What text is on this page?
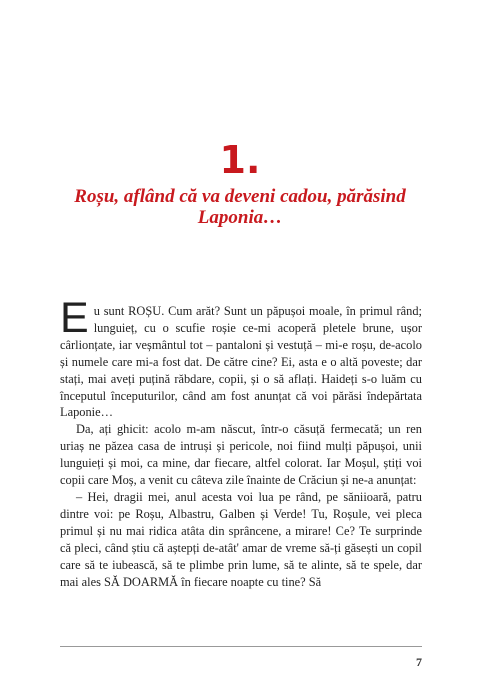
1.
Roșu, aflând că va deveni cadou, părăsind Laponia…

Eu sunt ROȘU. Cum arăt? Sunt un păpușoi moale, în primul rând; lunguieț, cu o scufie roșie ce-mi acoperă pletele brune, ușor cârlionțate, iar veșmântul tot – pantaloni și vestuță – mi-e roșu, de-acolo și numele care mi-a fost dat. De către cine? Ei, asta e o altă poveste; dar stați, mai aveți puțină răbdare, copii, și o să aflați. Haideți s-o luăm cu începutul începuturilor, când am fost anunțat că voi părăsi îndepărtata Laponie…

Da, ați ghicit: acolo m-am născut, într-o căsuță fermecată; un ren uriaș ne păzea casa de intruși și pericole, noi fiind mulți păpușoi, unii lunguieți și moi, ca mine, dar fiecare, altfel colorat. Iar Moșul, știți voi copii care Moș, a venit cu câteva zile înainte de Crăciun și ne-a anunțat:

– Hei, dragii mei, anul acesta voi lua pe rând, pe săniioară, patru dintre voi: pe Roșu, Albastru, Galben și Verde! Tu, Roșule, vei pleca primul și nu mai ridica atâta din sprâncene, a mirare! Ce? Te surprinde că pleci, când știu că aștepți de-atât' amar de vreme să-ți găsești un copil care să te iubească, să te plimbe prin lume, să te alinte, să te spele, dar mai ales SĂ DOARMĂ în fiecare noapte cu tine? Să

7
